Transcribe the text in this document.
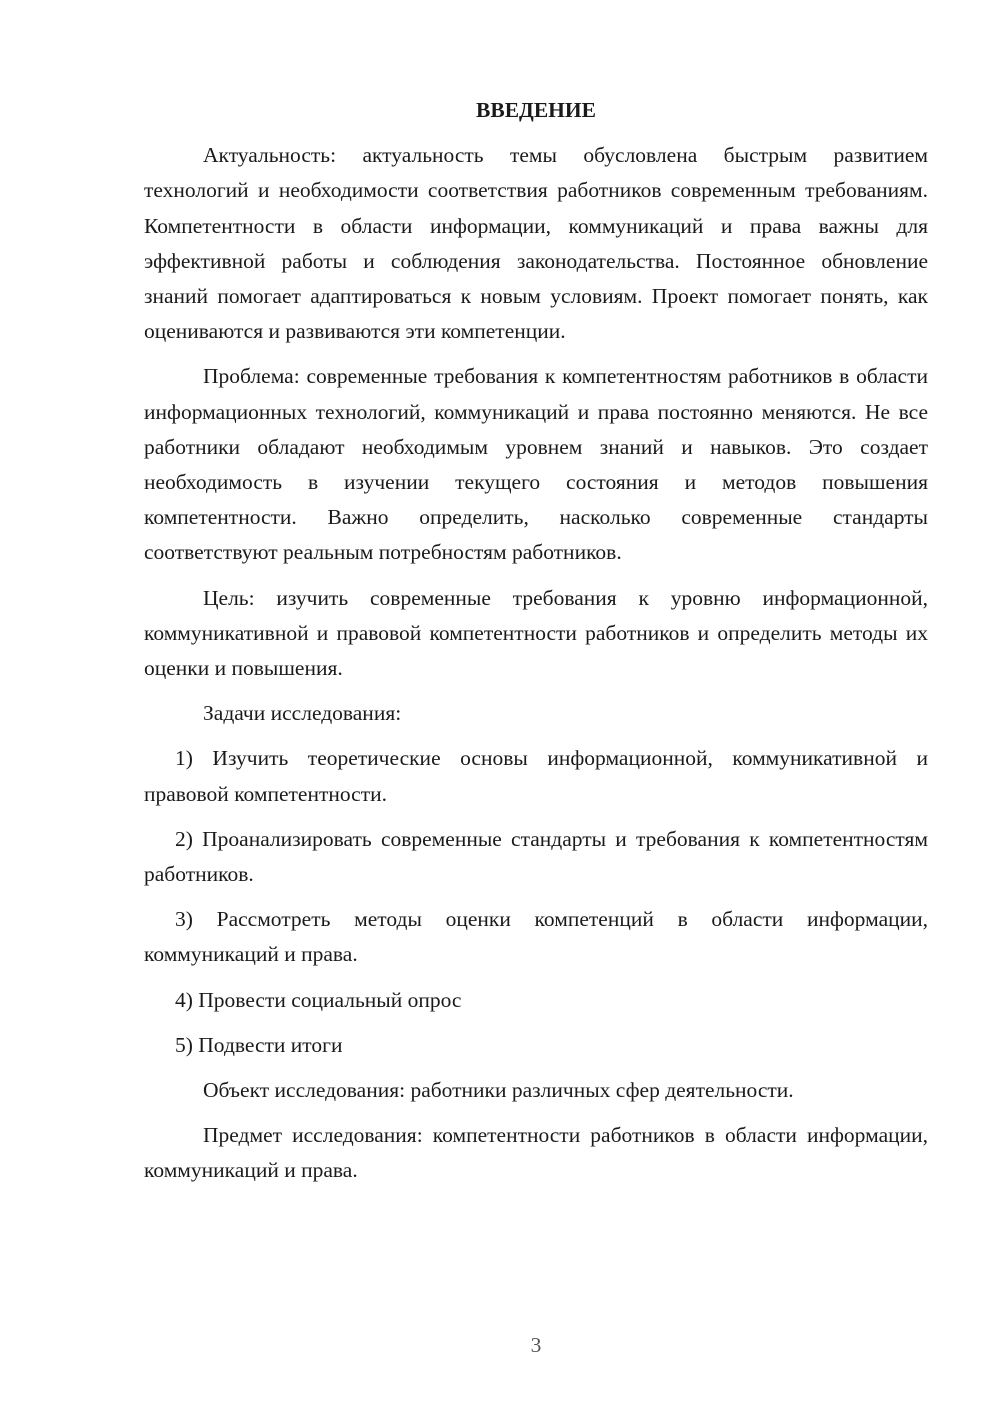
ВВЕДЕНИЕ

Актуальность: актуальность темы обусловлена быстрым развитием технологий и необходимости соответствия работников современным требованиям. Компетентности в области информации, коммуникаций и права важны для эффективной работы и соблюдения законодательства. Постоянное обновление знаний помогает адаптироваться к новым условиям. Проект помогает понять, как оцениваются и развиваются эти компетенции.

Проблема: современные требования к компетентностям работников в области информационных технологий, коммуникаций и права постоянно меняются. Не все работники обладают необходимым уровнем знаний и навыков. Это создает необходимость в изучении текущего состояния и методов повышения компетентности. Важно определить, насколько современные стандарты соответствуют реальным потребностям работников.

Цель: изучить современные требования к уровню информационной, коммуникативной и правовой компетентности работников и определить методы их оценки и повышения.

Задачи исследования:

1) Изучить теоретические основы информационной, коммуникативной и правовой компетентности.

2) Проанализировать современные стандарты и требования к компетентностям работников.

3) Рассмотреть методы оценки компетенций в области информации, коммуникаций и права.

4) Провести социальный опрос

5) Подвести итоги

Объект исследования: работники различных сфер деятельности.

Предмет исследования: компетентности работников в области информации, коммуникаций и права.

3
